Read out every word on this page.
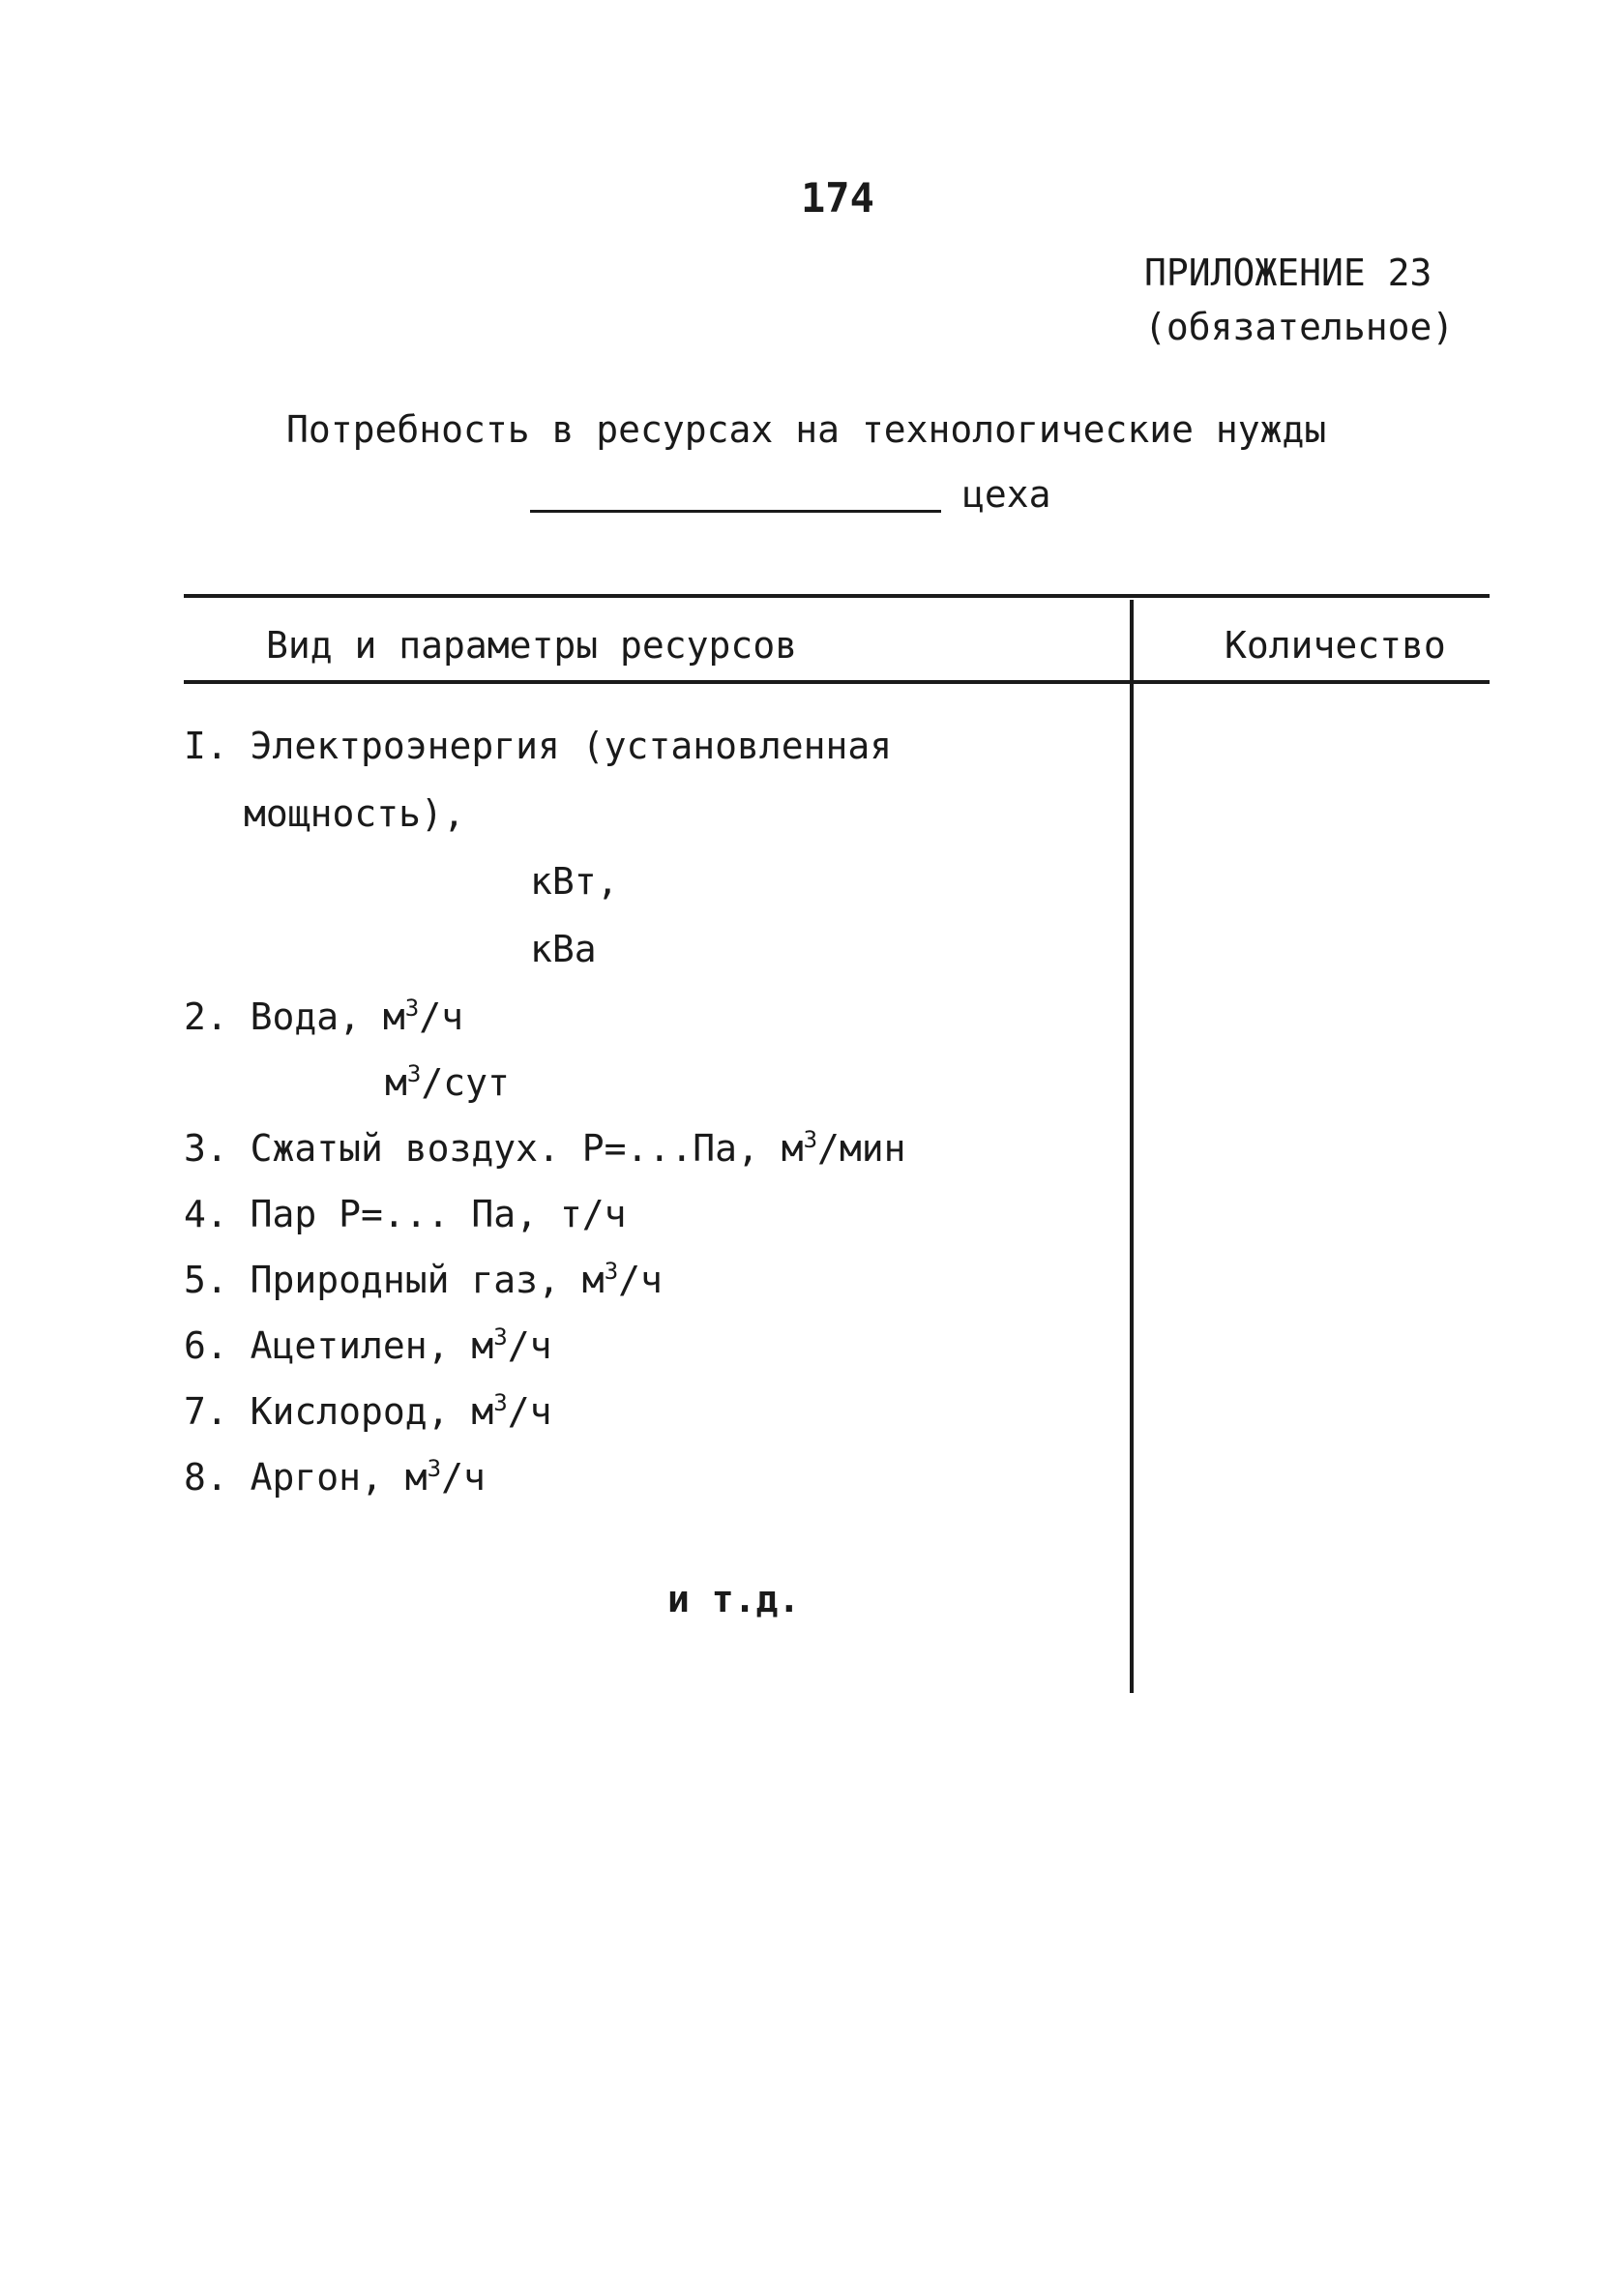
174
ПРИЛОЖЕНИЕ 23
(обязательное)
Потребность в ресурсах на технологические нужды
цеха
Вид и параметры ресурсов	Количество
I. Электроэнергия (установленная
мощность),
кВт,
кВа
2. Вода, $м^3/ч$
$м^3$/сут
3. Сжатый воздух. Р=...Па, $м^3$/мин
4. Пар Р=... Па, т/ч
5. Природный газ, $м^3/ч$
6. Ацетилен, $м^3/ч$
7. Кислород, $м^3/ч$
8. Аргон, $м^3/ч$
и т.д.
